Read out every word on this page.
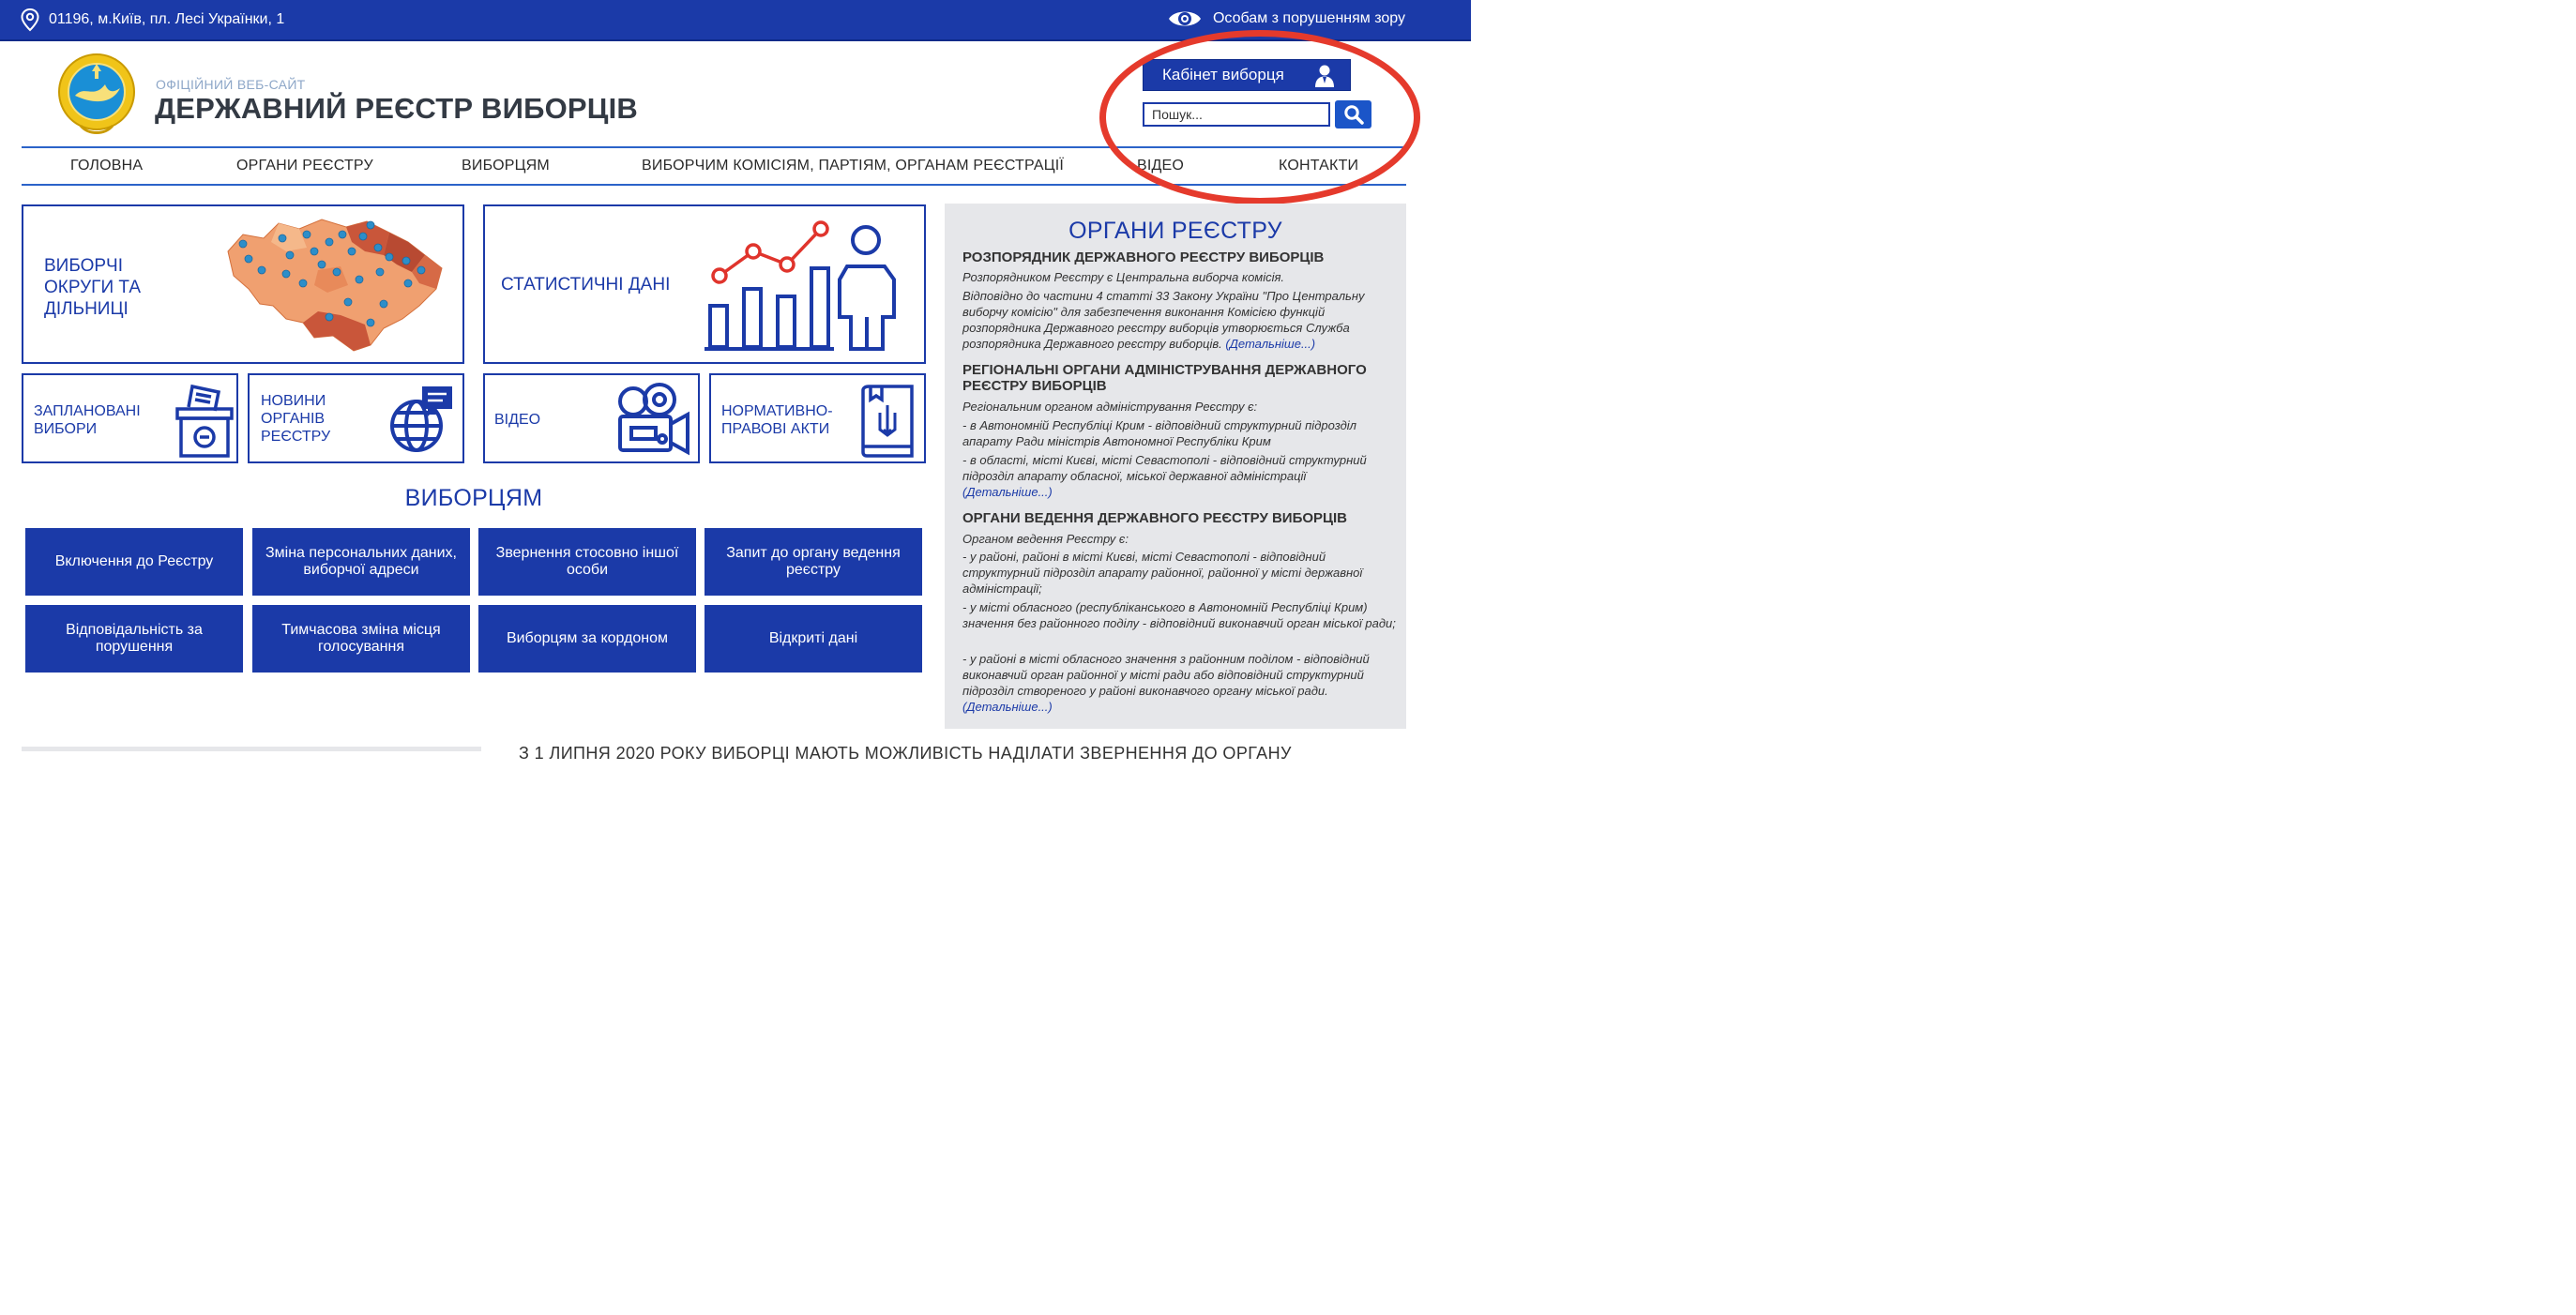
01196, м.Київ, пл. Лесі Українки, 1	Особам з порушенням зору
ОФІЦІЙНИЙ ВЕБ-САЙТ
ДЕРЖАВНИЙ РЕЄСТР ВИБОРЦІВ
Кабінет виборця
Пошук...
ГОЛОВНА	ОРГАНИ РЕЄСТРУ	ВИБОРЦЯМ	ВИБОРЧИМ КОМІСІЯМ, ПАРТІЯМ, ОРГАНАМ РЕЄСТРАЦІЇ	ВІДЕО	КОНТАКТИ
ВИБОРЧІ
ОКРУГИ ТА
ДІЛЬНИЦІ
СТАТИСТИЧНІ ДАНІ
ЗАПЛАНОВАНІ
ВИБОРИ
НОВИНИ
ОРГАНІВ
РЕЄСТРУ
ВІДЕО
НОРМАТИВНО-
ПРАВОВІ АКТИ
ВИБОРЦЯМ
Включення до Реєстру
Зміна персональних даних,
виборчої адреси
Звернення стосовно іншої
особи
Запит до органу ведення
реєстру
Відповідальність за
порушення
Тимчасова зміна місця
голосування
Виборцям за кордоном	Відкриті дані
ОРГАНИ РЕЄСТРУ
РОЗПОРЯДНИК ДЕРЖАВНОГО РЕЄСТРУ ВИБОРЦІВ
Розпорядником Реєстру є Центральна виборча комісія.
Відповідно до частини 4 статті 33 Закону України "Про Центральну виборчу комісію" для забезпечення виконання Комісією функцій розпорядника Державного реєстру виборців утворюється Служба розпорядника Державного реєстру виборців. (Детальніше...)
РЕГІОНАЛЬНІ ОРГАНИ АДМІНІСТРУВАННЯ ДЕРЖАВНОГО
РЕЄСТРУ ВИБОРЦІВ
Регіональним органом адміністрування Реєстру є:
- в Автономній Республіці Крим - відповідний структурний підрозділ апарату Ради міністрів Автономної Республіки Крим
- в області, місті Києві, місті Севастополі - відповідний структурний підрозділ апарату обласної, міської державної адміністрації
(Детальніше...)
ОРГАНИ ВЕДЕННЯ ДЕРЖАВНОГО РЕЄСТРУ ВИБОРЦІВ
Органом ведення Реєстру є:
- у районі, районі в місті Києві, місті Севастополі - відповідний структурний підрозділ апарату районної, районної у місті державної адміністрації;
- у місті обласного (республіканського в Автономній Республіці Крим) значення без районного поділу - відповідний виконавчий орган міської ради;
- у районі в місті обласного значення з районним поділом - відповідний виконавчий орган районної у місті ради або відповідний структурний підрозділ створеного у районі виконавчого органу міської ради. (Детальніше...)
З 1 ЛИПНЯ 2020 РОКУ ВИБОРЦІ МАЮТЬ МОЖЛИВІСТЬ НАДІЛАТИ ЗВЕРНЕННЯ ДО ОРГАНУ
